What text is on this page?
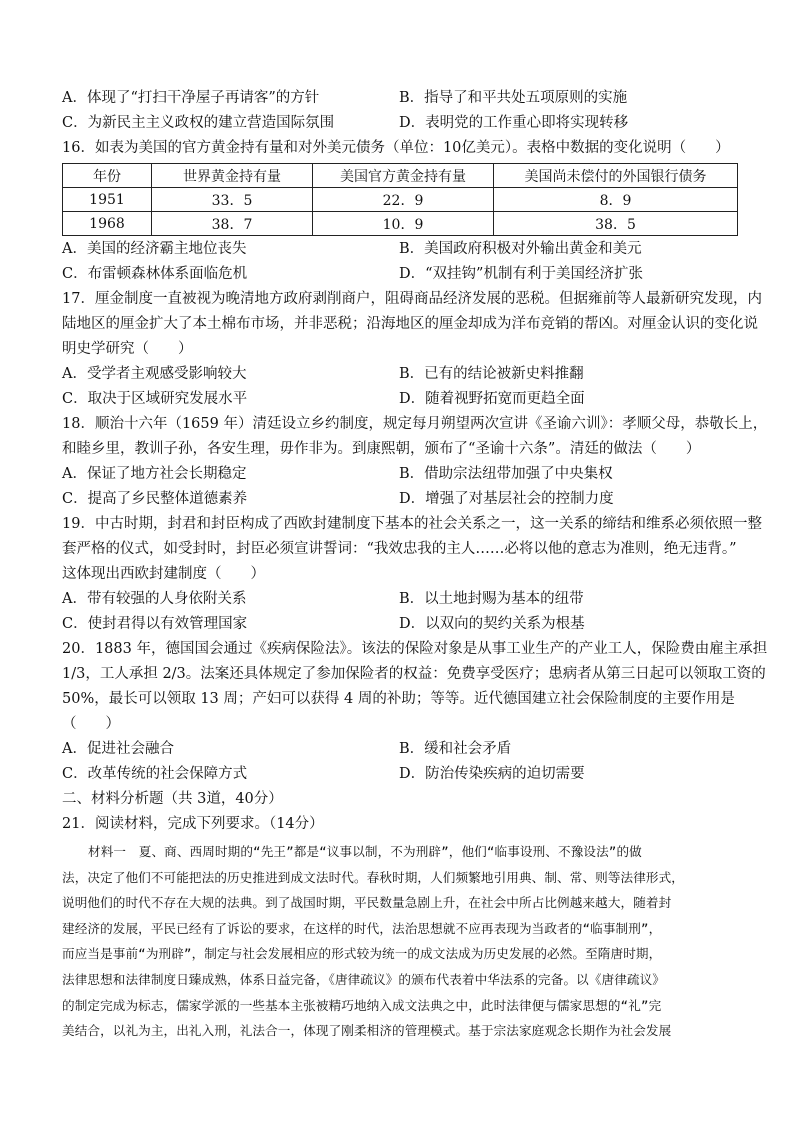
A．体现了“打扫干净屋子再请客”的方针	B．指导了和平共处五项原则的实施
C．为新民主主义政权的建立营造国际氛围	D．表明党的工作重心即将实现转移
16．如表为美国的官方黄金持有量和对外美元债务（单位：10亿美元）。表格中数据的变化说明（　　）
年份	世界黄金持有量	美国官方黄金持有量	美国尚未偿付的外国银行债务
1951	33．5	22．9	8．9
1968	38．7	10．9	38．5
A．美国的经济霸主地位丧失	B．美国政府积极对外输出黄金和美元
C．布雷顿森林体系面临危机	D．“双挂钩”机制有利于美国经济扩张
17．厘金制度一直被视为晚清地方政府剥削商户，阻碍商品经济发展的恶税。但据雍前等人最新研究发现，内
陆地区的厘金扩大了本土棉布市场，并非恶税；沿海地区的厘金却成为洋布竞销的帮凶。对厘金认识的变化说
明史学研究（　　）
A．受学者主观感受影响较大	B．已有的结论被新史料推翻
C．取决于区域研究发展水平	D．随着视野拓宽而更趋全面
18．顺治十六年（1659 年）清廷设立乡约制度，规定每月朔望两次宣讲《圣谕六训》：孝顺父母，恭敬长上，
和睦乡里，教训子孙，各安生理，毋作非为。到康熙朝，颁布了“圣谕十六条”。清廷的做法（　　）
A．保证了地方社会长期稳定	B．借助宗法纽带加强了中央集权
C．提高了乡民整体道德素养	D．增强了对基层社会的控制力度
19．中古时期，封君和封臣构成了西欧封建制度下基本的社会关系之一，这一关系的缔结和维系必须依照一整
套严格的仪式，如受封时，封臣必须宣讲誓词：“我效忠我的主人……必将以他的意志为准则，绝无违背。”
这体现出西欧封建制度（　　）
A．带有较强的人身依附关系	B．以土地封赐为基本的纽带
C．使封君得以有效管理国家	D．以双向的契约关系为根基
20．1883 年，德国国会通过《疾病保险法》。该法的保险对象是从事工业生产的产业工人，保险费由雇主承担
1/3，工人承担 2/3。法案还具体规定了参加保险者的权益：免费享受医疗；患病者从第三日起可以领取工资的
50%，最长可以领取 13 周；产妇可以获得 4 周的补助；等等。近代德国建立社会保险制度的主要作用是
（　　）
A．促进社会融合	B．缓和社会矛盾
C．改革传统的社会保障方式	D．防治传染疾病的迫切需要
二、材料分析题（共 3道，40分）
21．阅读材料，完成下列要求。（14分）
材料一　夏、商、西周时期的“先王”都是“议事以制，不为刑辟”，他们“临事设刑、不豫设法”的做
法，决定了他们不可能把法的历史推进到成文法时代。春秋时期，人们频繁地引用典、制、常、则等法律形式，
说明他们的时代不存在大规的法典。到了战国时期，平民数量急剧上升，在社会中所占比例越来越大，随着封
建经济的发展，平民已经有了诉讼的要求，在这样的时代，法治思想就不应再表现为当政者的“临事制刑”，
而应当是事前“为刑辟”，制定与社会发展相应的形式较为统一的成文法成为历史发展的必然。至隋唐时期，
法律思想和法律制度日臻成熟，体系日益完备，《唐律疏议》的颁布代表着中华法系的完备。以《唐律疏议》
的制定完成为标志，儒家学派的一些基本主张被精巧地纳入成文法典之中，此时法律便与儒家思想的“礼”完
美结合，以礼为主，出礼入刑，礼法合一，体现了刚柔相济的管理模式。基于宗法家庭观念长期作为社会发展
